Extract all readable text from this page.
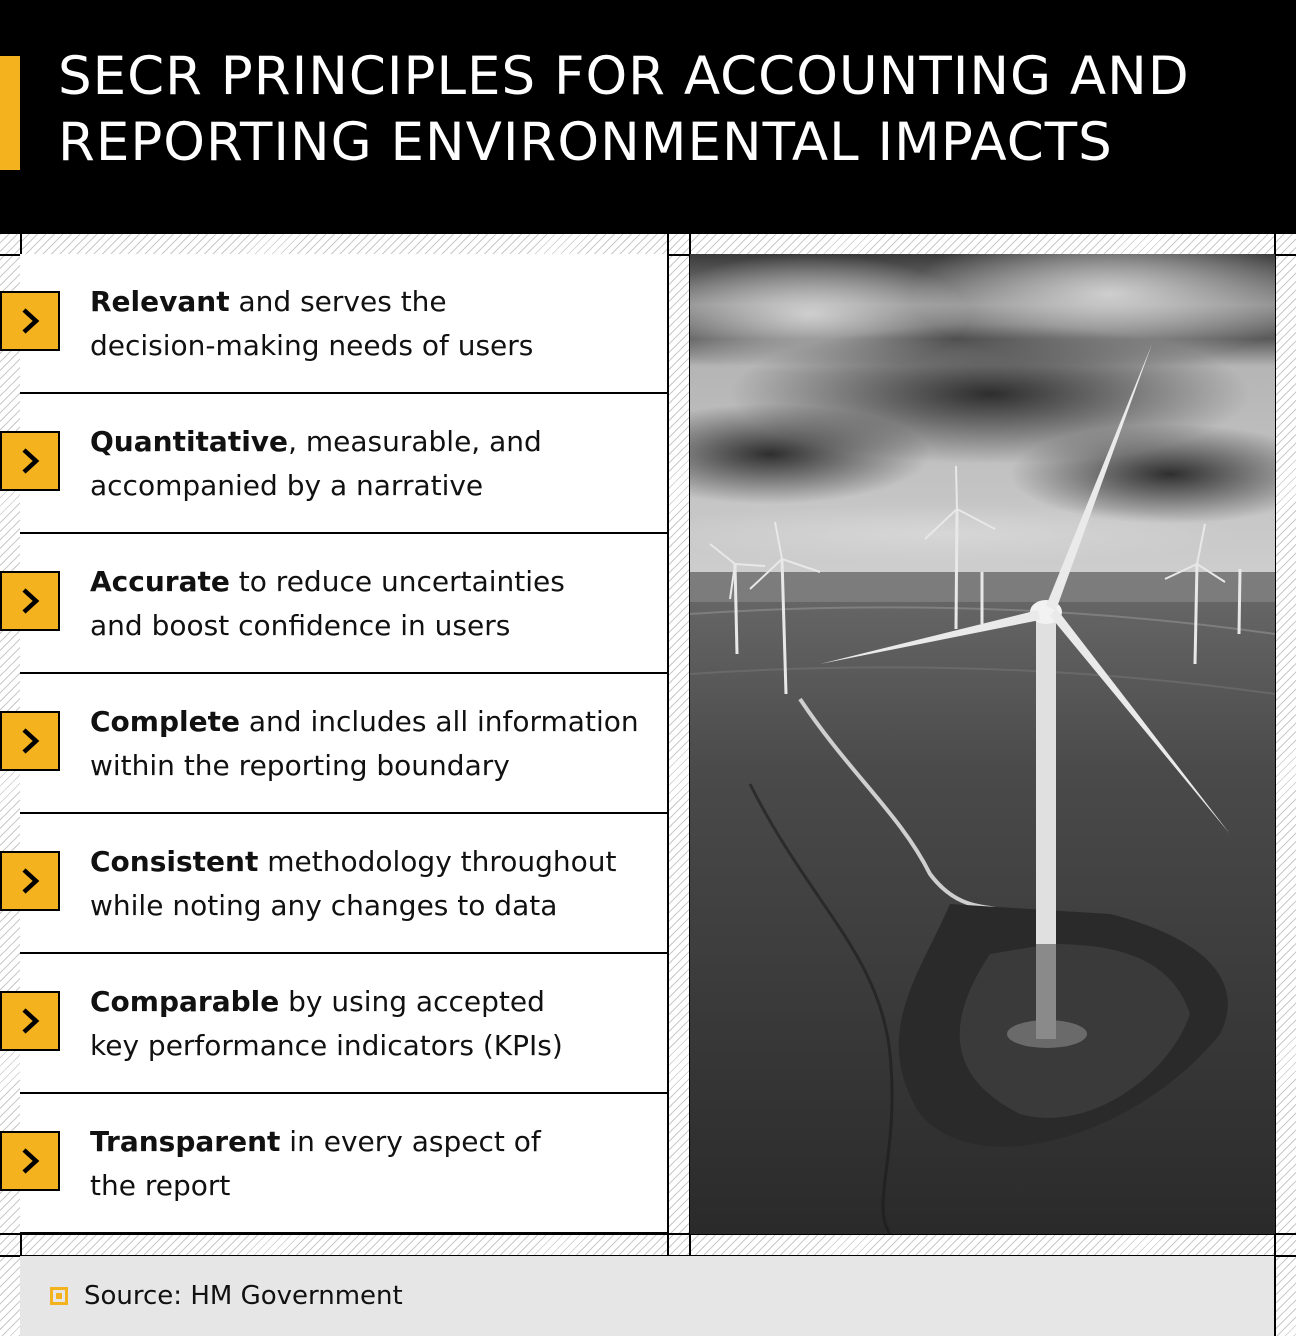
SECR PRINCIPLES FOR ACCOUNTING AND
REPORTING ENVIRONMENTAL IMPACTS
Relevant and serves the
decision-making needs of users
Quantitative, measurable, and
accompanied by a narrative
Accurate to reduce uncertainties
and boost confidence in users
Complete and includes all information
within the reporting boundary
Consistent methodology throughout
while noting any changes to data
Comparable by using accepted
key performance indicators (KPIs)
Transparent in every aspect of
the report
Source: HM Government
